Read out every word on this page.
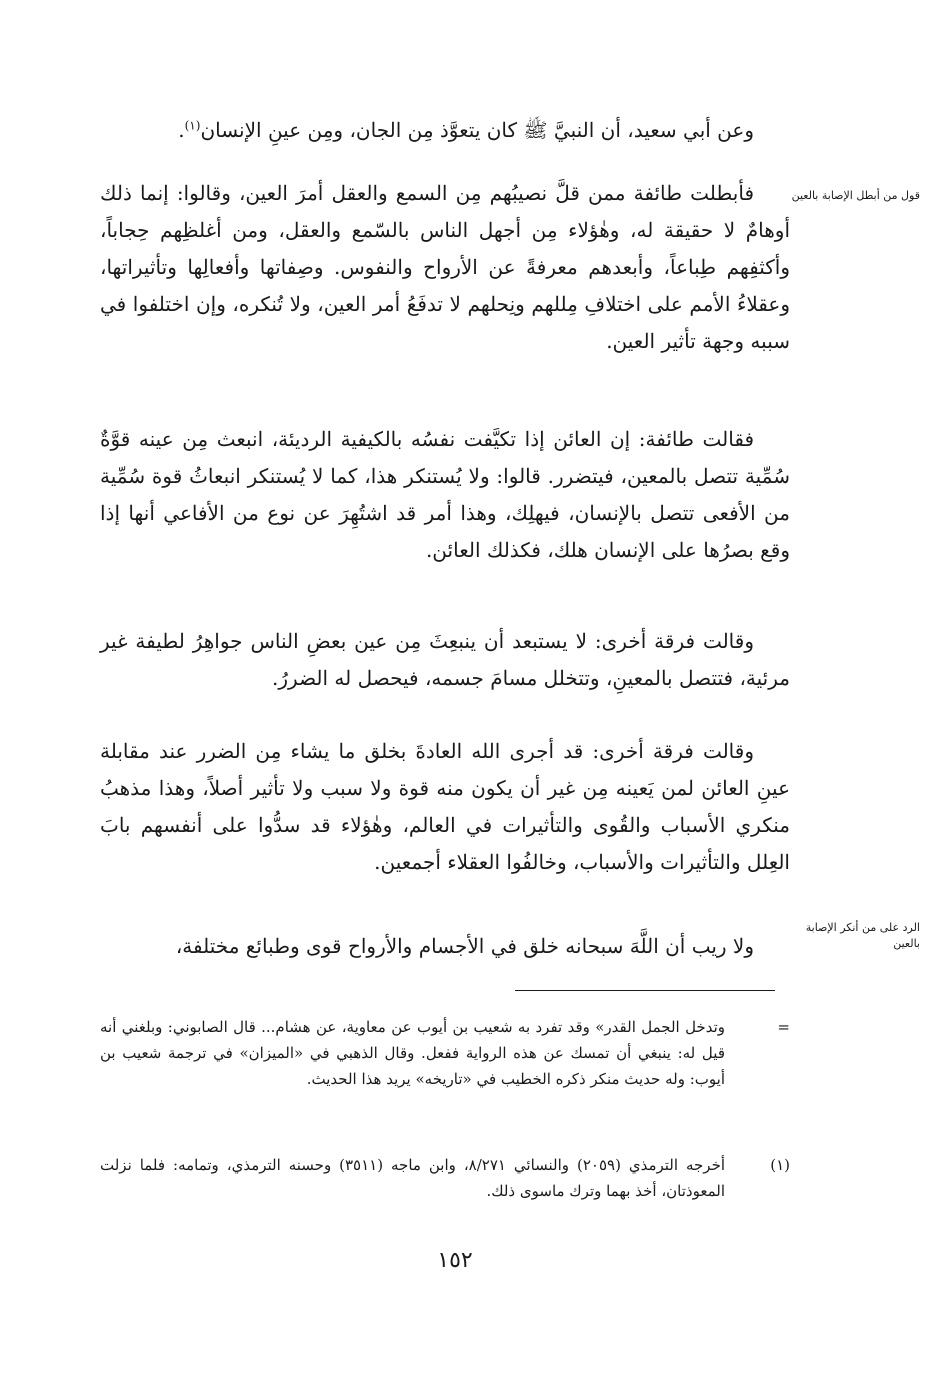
وعن أبي سعيد، أن النبيَّ ﷺ كان يتعوَّذ مِن الجان، ومِن عينِ الإنسان$^{(١)}$.
فأبطلت طائفة ممن قلَّ نصيبُهم مِن السمع والعقل أمرَ العين، وقالوا: إنما ذلك أوهامٌ لا حقيقة له، وهٰؤلاء مِن أجهل الناس بالسّمع والعقل، ومن أغلظِهم حِجاباً، وأكثفِهم طِباعاً، وأبعدهم معرفةً عن الأرواح والنفوس. وصِفاتها وأفعالِها وتأثيراتها، وعقلاءُ الأمم على اختلافِ مِللهم ونِحلهم لا تدفَعُ أمر العين، ولا تُنكره، وإن اختلفوا في سببه وجهة تأثير العين.
قول من أبطل الإصابة بالعين
فقالت طائفة: إن العائن إذا تكيَّفت نفسُه بالكيفية الرديئة، انبعث مِن عينه قوَّةٌ سُمِّية تتصل بالمعين، فيتضرر. قالوا: ولا يُستنكر هذا، كما لا يُستنكر انبعاثُ قوة سُمِّية من الأفعى تتصل بالإنسان، فيهلِك، وهذا أمر قد اشتُهِرَ عن نوع من الأفاعي أنها إذا وقع بصرُها على الإنسان هلك، فكذلك العائن.
وقالت فرقة أخرى: لا يستبعد أن ينبعِثَ مِن عين بعضِ الناس جواهِرُ لطيفة غير مرئية، فتتصل بالمعينِ، وتتخلل مسامَ جسمه، فيحصل له الضررُ.
وقالت فرقة أخرى: قد أجرى الله العادةَ بخلق ما يشاء مِن الضرر عند مقابلة عينِ العائن لمن يَعينه مِن غير أن يكون منه قوة ولا سبب ولا تأثير أصلاً، وهذا مذهبُ منكري الأسباب والقُوى والتأثيرات في العالم، وهٰؤلاء قد سدُّوا على أنفسهم بابَ العِلل والتأثيرات والأسباب، وخالفُوا العقلاء أجمعين.
ولا ريب أن اللَّهَ سبحانه خلق في الأجسام والأرواح قوى وطبائع مختلفة،
الرد على من أنكر الإصابة بالعين
=
وتدخل الجمل القدر» وقد تفرد به شعيب بن أيوب عن معاوية، عن هشام... قال الصابوني: وبلغني أنه قيل له: ينبغي أن تمسك عن هذه الرواية ففعل. وقال الذهبي في «الميزان» في ترجمة شعيب بن أيوب: وله حديث منكر ذكره الخطيب في «تاريخه» يريد هذا الحديث.
(١)
أخرجه الترمذي (٢٠٥٩) والنسائي ٨/٢٧١، وابن ماجه (٣٥١١) وحسنه الترمذي، وتمامه: فلما نزلت المعوذتان، أخذ بهما وترك ماسوى ذلك.
١٥٢
